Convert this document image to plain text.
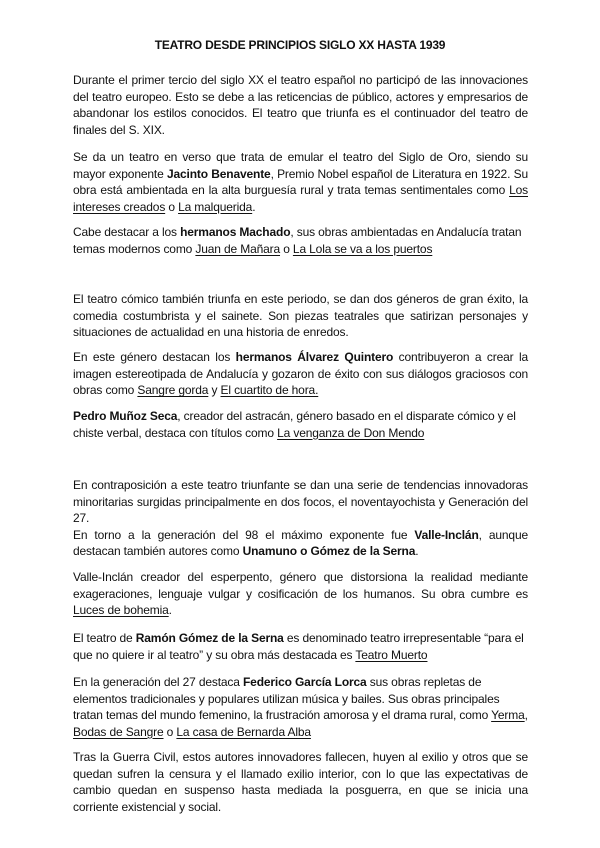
TEATRO DESDE PRINCIPIOS SIGLO XX HASTA 1939

Durante el primer tercio del siglo XX el teatro español no participó de las innovaciones del teatro europeo. Esto se debe a las reticencias de público, actores y empresarios de abandonar los estilos conocidos. El teatro que triunfa es el continuador del teatro de finales del S. XIX.

Se da un teatro en verso que trata de emular el teatro del Siglo de Oro, siendo su mayor exponente Jacinto Benavente, Premio Nobel español de Literatura en 1922. Su obra está ambientada en la alta burguesía rural y trata temas sentimentales como Los intereses creados o La malquerida.

Cabe destacar a los hermanos Machado, sus obras ambientadas en Andalucía tratan temas modernos como Juan de Mañara o La Lola se va a los puertos

El teatro cómico también triunfa en este periodo, se dan dos géneros de gran éxito, la comedia costumbrista y el sainete. Son piezas teatrales que satirizan personajes y situaciones de actualidad en una historia de enredos.

En este género destacan los hermanos Álvarez Quintero contribuyeron a crear la imagen estereotipada de Andalucía y gozaron de éxito con sus diálogos graciosos con obras como Sangre gorda y El cuartito de hora.

Pedro Muñoz Seca, creador del astracán, género basado en el disparate cómico y el chiste verbal, destaca con títulos como La venganza de Don Mendo

En contraposición a este teatro triunfante se dan una serie de tendencias innovadoras minoritarias surgidas principalmente en dos focos, el noventayochista y Generación del 27.
En torno a la generación del 98 el máximo exponente fue Valle-Inclán, aunque destacan también autores como Unamuno o Gómez de la Serna.

Valle-Inclán creador del esperpento, género que distorsiona la realidad mediante exageraciones, lenguaje vulgar y cosificación de los humanos. Su obra cumbre es Luces de bohemia.

El teatro de Ramón Gómez de la Serna es denominado teatro irrepresentable “para el que no quiere ir al teatro” y su obra más destacada es Teatro Muerto

En la generación del 27 destaca Federico García Lorca sus obras repletas de elementos tradicionales y populares utilizan música y bailes. Sus obras principales tratan temas del mundo femenino, la frustración amorosa y el drama rural, como Yerma, Bodas de Sangre o La casa de Bernarda Alba

Tras la Guerra Civil, estos autores innovadores fallecen, huyen al exilio y otros que se quedan sufren la censura y el llamado exilio interior, con lo que las expectativas de cambio quedan en suspenso hasta mediada la posguerra, en que se inicia una corriente existencial y social.
